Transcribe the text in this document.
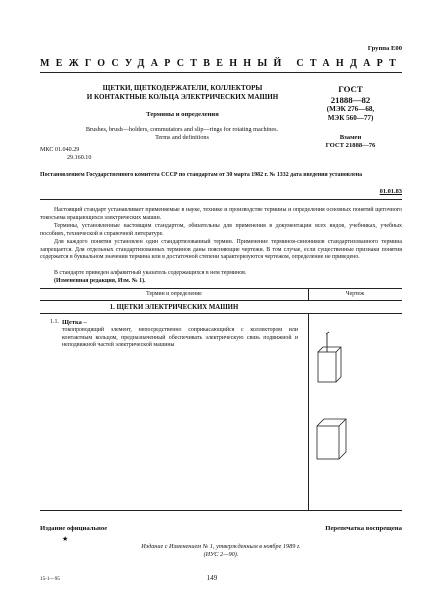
Группа Е00
МЕЖГОСУДАРСТВЕННЫЙ СТАНДАРТ
ЩЕТКИ, ЩЕТКОДЕРЖАТЕЛИ, КОЛЛЕКТОРЫ
И КОНТАКТНЫЕ КОЛЬЦА ЭЛЕКТРИЧЕСКИХ МАШИН
ГОСТ
21888—82
(МЭК 276—68,
МЭК 560—77)
Термины и определения
Brushes, brush—holders, commutators and slip—rings for rotating machines.
Terms and definitions	Взамен
ГОСТ 21888—76
МКС 01.040.29
29.160.10
Постановлением Государственного комитета СССР по стандартам от 30 марта 1982 г. № 1332 дата введения установлена
01.01.83
Настоящий стандарт устанавливает применяемые в науке, технике и производстве термины и определения основных понятий щеточного токосъема вращающихся электрических машин.
Термины, установленные настоящим стандартом, обязательны для применения в документации всех видов, учебниках, учебных пособиях, технической и справочной литературе.
Для каждого понятия установлен один стандартизованный термин. Применение терминов-синонимов стандартизованного термина запрещается. Для отдельных стандартизованных терминов даны поясняющие чертежи. В том случае, если существенные признаки понятия содержатся в буквальном значении термина или в достаточной степени характеризуются чертежом, определение не приведено.
В стандарте приведен алфавитный указатель содержащихся в нем терминов.
(Измененная редакция, Изм. № 1).
Термин и определение	Чертеж
1. ЩЕТКИ ЭЛЕКТРИЧЕСКИХ МАШИН
1.1. Щетка –
токопроводящий элемент, непосредственно соприкасающийся с коллектором или контактным кольцом, предназначенный обеспечивать электрическую связь подвижной и неподвижной частей электрической машины
Издание официальное	Перепечатка воспрещена
★
Издание с Изменением № 1, утвержденным в ноябре 1989 г.
(ИУС 2—90).
15-1—95	149
